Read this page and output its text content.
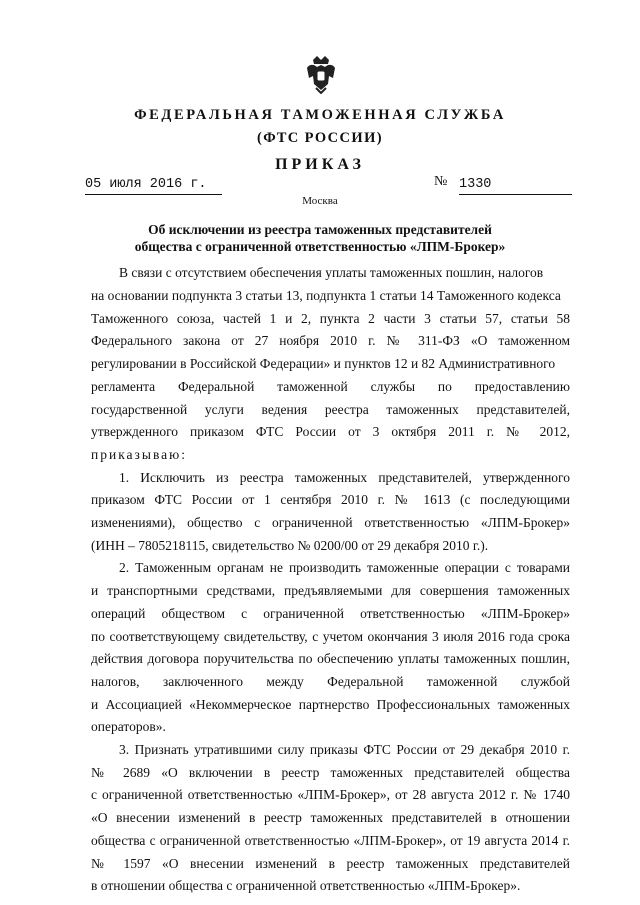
ФЕДЕРАЛЬНАЯ ТАМОЖЕННАЯ СЛУЖБА
(ФТС РОССИИ)
ПРИКАЗ
05 июля 2016 г.	№ 1330
Москва
Об исключении из реестра таможенных представителей
общества с ограниченной ответственностью «ЛПМ-Брокер»
В связи с отсутствием обеспечения уплаты таможенных пошлин, налогов
на основании подпункта 3 статьи 13, подпункта 1 статьи 14 Таможенного кодекса
Таможенного союза, частей 1 и 2, пункта 2 части 3 статьи 57, статьи 58
Федерального закона от 27 ноября 2010 г. № 311-ФЗ «О таможенном
регулировании в Российской Федерации» и пунктов 12 и 82 Административного
регламента Федеральной таможенной службы по предоставлению
государственной услуги ведения реестра таможенных представителей,
утвержденного приказом ФТС России от 3 октября 2011 г. № 2012,
приказываю:
1. Исключить из реестра таможенных представителей, утвержденного
приказом ФТС России от 1 сентября 2010 г. № 1613 (с последующими
изменениями), общество с ограниченной ответственностью «ЛПМ-Брокер»
(ИНН – 7805218115, свидетельство № 0200/00 от 29 декабря 2010 г.).
2. Таможенным органам не производить таможенные операции с товарами
и транспортными средствами, предъявляемыми для совершения таможенных
операций обществом с ограниченной ответственностью «ЛПМ-Брокер»
по соответствующему свидетельству, с учетом окончания 3 июля 2016 года срока
действия договора поручительства по обеспечению уплаты таможенных пошлин,
налогов, заключенного между Федеральной таможенной службой
и Ассоциацией «Некоммерческое партнерство Профессиональных таможенных
операторов».
3. Признать утратившими силу приказы ФТС России от 29 декабря 2010 г.
№ 2689 «О включении в реестр таможенных представителей общества
с ограниченной ответственностью «ЛПМ-Брокер», от 28 августа 2012 г. № 1740
«О внесении изменений в реестр таможенных представителей в отношении
общества с ограниченной ответственностью «ЛПМ-Брокер», от 19 августа 2014 г.
№ 1597 «О внесении изменений в реестр таможенных представителей
в отношении общества с ограниченной ответственностью «ЛПМ-Брокер».
